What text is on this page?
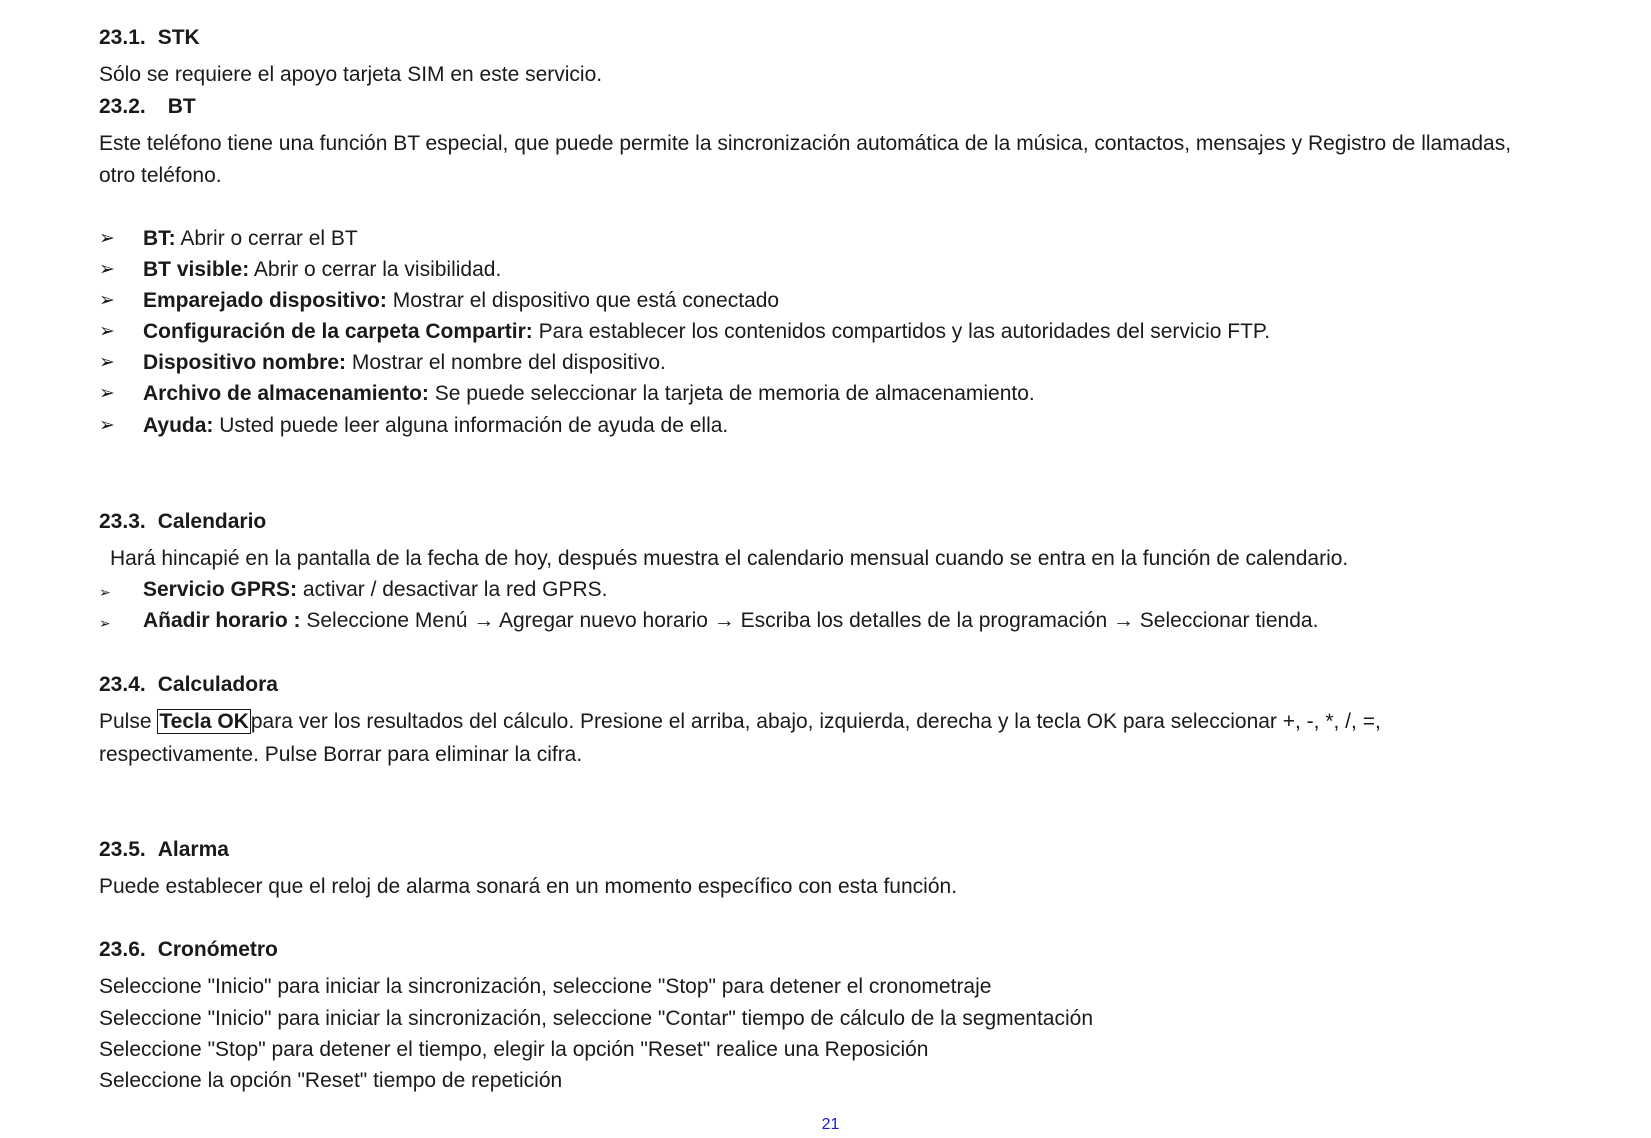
23.1. STK
Sólo se requiere el apoyo tarjeta SIM en este servicio.
23.2. BT
Este teléfono tiene una función BT especial, que puede permite la sincronización automática de la música, contactos, mensajes y Registro de llamadas,
otro teléfono.
➢	BT: Abrir o cerrar el BT
➢	BT visible: Abrir o cerrar la visibilidad.
➢	Emparejado dispositivo: Mostrar el dispositivo que está conectado
➢	Configuración de la carpeta Compartir: Para establecer los contenidos compartidos y las autoridades del servicio FTP.
➢	Dispositivo nombre: Mostrar el nombre del dispositivo.
➢	Archivo de almacenamiento: Se puede seleccionar la tarjeta de memoria de almacenamiento.
➢	Ayuda: Usted puede leer alguna información de ayuda de ella.
23.3. Calendario
Hará hincapié en la pantalla de la fecha de hoy, después muestra el calendario mensual cuando se entra en la función de calendario.
➢	Servicio GPRS: activar / desactivar la red GPRS.
➢	Añadir horario : Seleccione Menú → Agregar nuevo horario → Escriba los detalles de la programación → Seleccionar tienda.
23.4. Calculadora
Pulse Tecla OKpara ver los resultados del cálculo. Presione el arriba, abajo, izquierda, derecha y la tecla OK para seleccionar +, -, *, /, =,
respectivamente. Pulse Borrar para eliminar la cifra.
23.5. Alarma
Puede establecer que el reloj de alarma sonará en un momento específico con esta función.
23.6. Cronómetro
Seleccione "Inicio" para iniciar la sincronización, seleccione "Stop" para detener el cronometraje
Seleccione "Inicio" para iniciar la sincronización, seleccione "Contar" tiempo de cálculo de la segmentación
Seleccione "Stop" para detener el tiempo, elegir la opción "Reset" realice una Reposición
Seleccione la opción "Reset" tiempo de repetición
21
